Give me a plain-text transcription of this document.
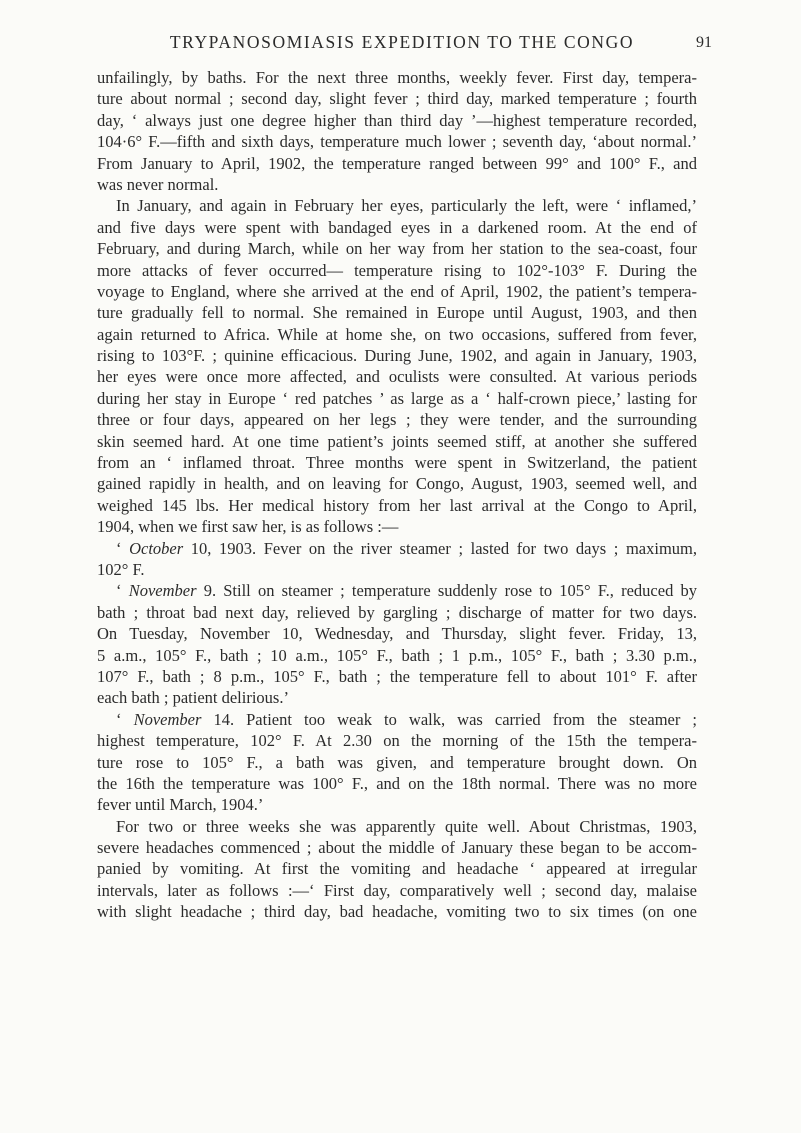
TRYPANOSOMIASIS EXPEDITION TO THE CONGO	91
unfailingly, by baths. For the next three months, weekly fever. First day, tempera-
ture about normal ; second day, slight fever ; third day, marked temperature ; fourth
day, ‘ always just one degree higher than third day ’—highest temperature recorded,
104·6° F.—fifth and sixth days, temperature much lower ; seventh day, ‘about normal.’
From January to April, 1902, the temperature ranged between 99° and 100° F., and
was never normal.
In January, and again in February her eyes, particularly the left, were ‘ inflamed,’
and five days were spent with bandaged eyes in a darkened room. At the end of
February, and during March, while on her way from her station to the sea-coast, four
more attacks of fever occurred— temperature rising to 102°-103° F. During the
voyage to England, where she arrived at the end of April, 1902, the patient’s tempera-
ture gradually fell to normal. She remained in Europe until August, 1903, and then
again returned to Africa. While at home she, on two occasions, suffered from fever,
rising to 103°F. ; quinine efficacious. During June, 1902, and again in January, 1903,
her eyes were once more affected, and oculists were consulted. At various periods
during her stay in Europe ‘ red patches ’ as large as a ‘ half-crown piece,’ lasting for
three or four days, appeared on her legs ; they were tender, and the surrounding
skin seemed hard. At one time patient’s joints seemed stiff, at another she suffered
from an ‘ inflamed throat. Three months were spent in Switzerland, the patient
gained rapidly in health, and on leaving for Congo, August, 1903, seemed well, and
weighed 145 lbs. Her medical history from her last arrival at the Congo to April,
1904, when we first saw her, is as follows :—
‘ October 10, 1903. Fever on the river steamer ; lasted for two days ; maximum,
102° F.
‘ November 9. Still on steamer ; temperature suddenly rose to 105° F., reduced by
bath ; throat bad next day, relieved by gargling ; discharge of matter for two days.
On Tuesday, November 10, Wednesday, and Thursday, slight fever. Friday, 13,
5 a.m., 105° F., bath ; 10 a.m., 105° F., bath ; 1 p.m., 105° F., bath ; 3.30 p.m.,
107° F., bath ; 8 p.m., 105° F., bath ; the temperature fell to about 101° F. after
each bath ; patient delirious.’
‘ November 14. Patient too weak to walk, was carried from the steamer ;
highest temperature, 102° F. At 2.30 on the morning of the 15th the tempera-
ture rose to 105° F., a bath was given, and temperature brought down. On
the 16th the temperature was 100° F., and on the 18th normal. There was no more
fever until March, 1904.’
For two or three weeks she was apparently quite well. About Christmas, 1903,
severe headaches commenced ; about the middle of January these began to be accom-
panied by vomiting. At first the vomiting and headache ‘ appeared at irregular
intervals, later as follows :—‘ First day, comparatively well ; second day, malaise
with slight headache ; third day, bad headache, vomiting two to six times (on one
